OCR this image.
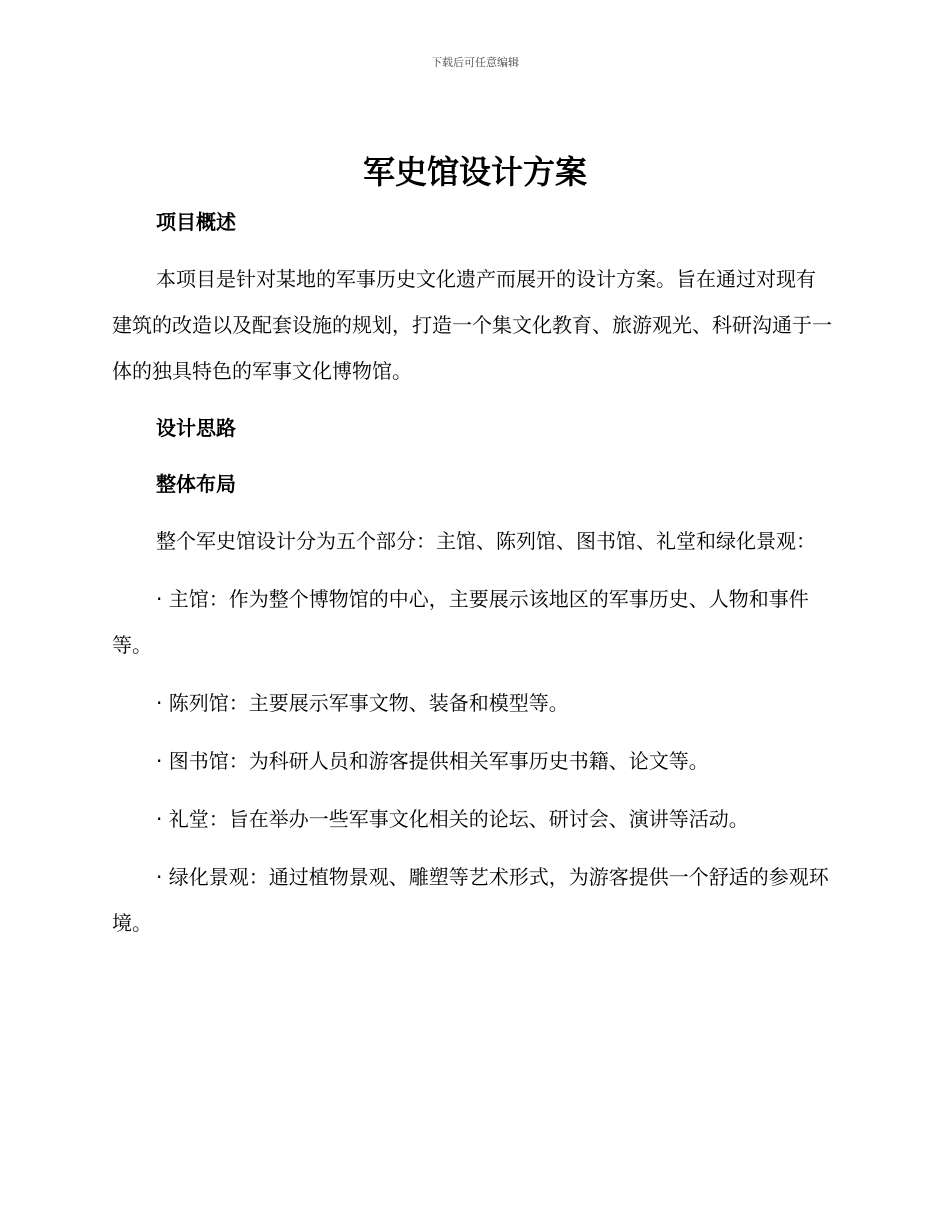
下载后可任意编辑
军史馆设计方案
项目概述

本项目是针对某地的军事历史文化遗产而展开的设计方案。旨在通过对现有建筑的改造以及配套设施的规划，打造一个集文化教育、旅游观光、科研沟通于一体的独具特色的军事文化博物馆。

设计思路
整体布局

整个军史馆设计分为五个部分：主馆、陈列馆、图书馆、礼堂和绿化景观：

· 主馆：作为整个博物馆的中心，主要展示该地区的军事历史、人物和事件等。

· 陈列馆：主要展示军事文物、装备和模型等。

· 图书馆：为科研人员和游客提供相关军事历史书籍、论文等。

· 礼堂：旨在举办一些军事文化相关的论坛、研讨会、演讲等活动。

· 绿化景观：通过植物景观、雕塑等艺术形式，为游客提供一个舒适的参观环境。
